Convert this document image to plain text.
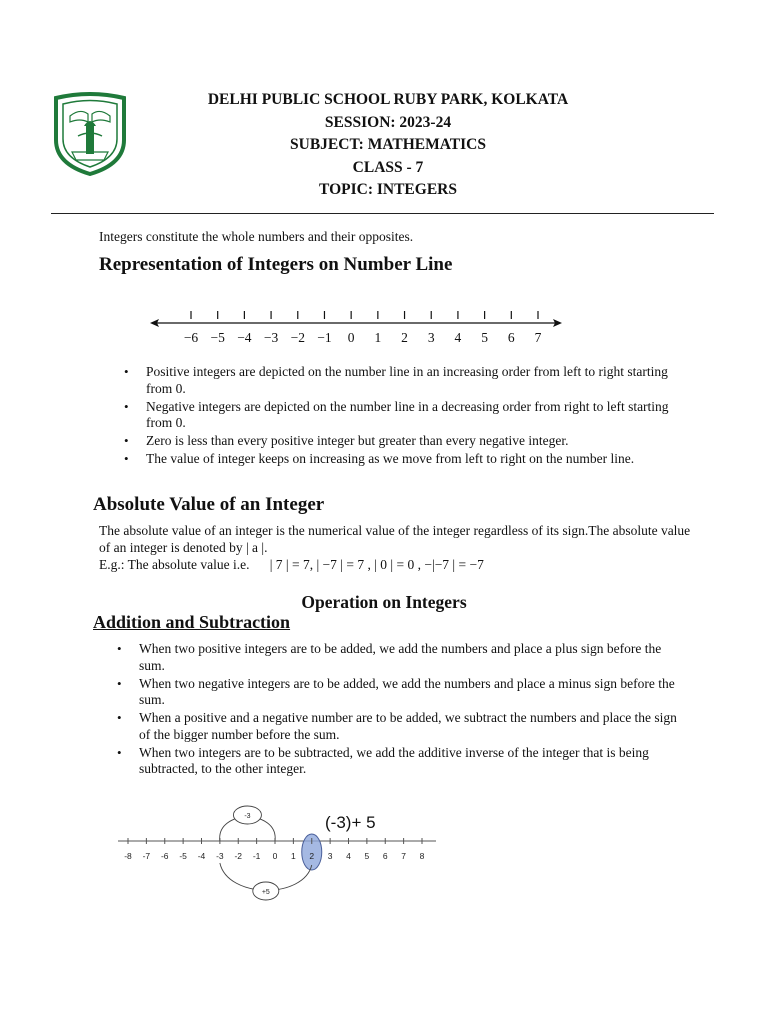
DELHI PUBLIC SCHOOL RUBY PARK, KOLKATA
SESSION: 2023-24
SUBJECT: MATHEMATICS
CLASS - 7
TOPIC: INTEGERS
Integers constitute the whole numbers and their opposites.
Representation of Integers on Number Line
−6 −5 −4 −3 −2 −1 0 1 2 3 4 5 6 7
• Positive integers are depicted on the number line in an increasing order from left to right starting from 0.
• Negative integers are depicted on the number line in a decreasing order from right to left starting from 0.
• Zero is less than every positive integer but greater than every negative integer.
• The value of integer keeps on increasing as we move from left to right on the number line.
Absolute Value of an Integer
The absolute value of an integer is the numerical value of the integer regardless of its sign.The absolute value of an integer is denoted by | a |.
E.g.: The absolute value i.e.      | 7 | = 7, | −7 | = 7 , | 0 | = 0 , −|−7 | = −7
Operation on Integers
Addition and Subtraction
• When two positive integers are to be added, we add the numbers and place a plus sign before the sum.
• When two negative integers are to be added, we add the numbers and place a minus sign before the sum.
• When a positive and a negative number are to be added, we subtract the numbers and place the sign of the bigger number before the sum.
• When two integers are to be subtracted, we add the additive inverse of the integer that is being subtracted, to the other integer.
(-3)+ 5
-8 -7 -6 -5 -4 -3 -2 -1 0 1 2 3 4 5 6 7 8
-3
+5
